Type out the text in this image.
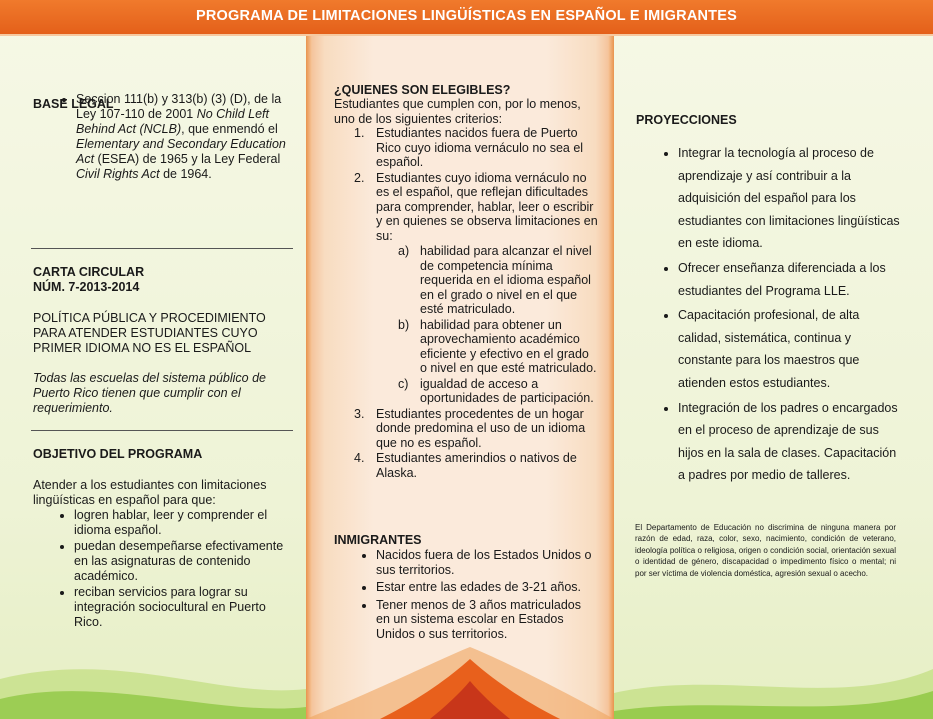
PROGRAMA DE LIMITACIONES LINGÜÍSTICAS EN ESPAÑOL E IMIGRANTES
BASE LEGAL
• Seccion 111(b) y 313(b) (3) (D), de la Ley 107-110 de 2001 No Child Left Behind Act (NCLB), que enmendó el Elementary and Secondary Education Act (ESEA) de 1965 y la Ley Federal Civil Rights Act de 1964.
CARTA CIRCULAR
NÚM. 7-2013-2014
POLÍTICA PÚBLICA Y PROCEDIMIENTO PARA ATENDER ESTUDIANTES CUYO PRIMER IDIOMA NO ES EL ESPAÑOL
Todas las escuelas del sistema público de Puerto Rico tienen que cumplir con el requerimiento.
OBJETIVO DEL PROGRAMA
Atender a los estudiantes con limitaciones lingüísticas en español para que:
• logren hablar, leer y comprender el idioma español.
• puedan desempeñarse efectivamente en las asignaturas de contenido académico.
• reciban servicios para lograr su integración sociocultural en Puerto Rico.
¿QUIENES SON ELEGIBLES?
Estudiantes que cumplen con, por lo menos, uno de los siguientes criterios:
1. Estudiantes nacidos fuera de Puerto Rico cuyo idioma vernáculo no sea el español.
2. Estudiantes cuyo idioma vernáculo no es el español, que reflejan dificultades para comprender, hablar, leer o escribir y en quienes se observa limitaciones en su:
a) habilidad para alcanzar el nivel de competencia mínima requerida en el idioma español en el grado o nivel en el que esté matriculado.
b) habilidad para obtener un aprovechamiento académico eficiente y efectivo en el grado o nivel en que esté matriculado.
c) igualdad de acceso a oportunidades de participación.
3. Estudiantes procedentes de un hogar donde predomina el uso de un idioma que no es español.
4. Estudiantes amerindios o nativos de Alaska.
INMIGRANTES
• Nacidos fuera de los Estados Unidos o sus territorios.
• Estar entre las edades de 3-21 años.
• Tener menos de 3 años matriculados en un sistema escolar en Estados Unidos o sus territorios.
PROYECCIONES
• Integrar la tecnología al proceso de aprendizaje y así contribuir a la adquisición del español para los estudiantes con limitaciones lingüísticas en este idioma.
• Ofrecer enseñanza diferenciada a los estudiantes del Programa LLE.
• Capacitación profesional, de alta calidad, sistemática, continua y constante para los maestros que atienden estos estudiantes.
• Integración de los padres o encargados en el proceso de aprendizaje de sus hijos en la sala de clases. Capacitación a padres por medio de talleres.
El Departamento de Educación no discrimina de ninguna manera por razón de edad, raza, color, sexo, nacimiento, condición de veterano, ideología política o religiosa, origen o condición social, orientación sexual o identidad de género, discapacidad o impedimento físico o mental; ni por ser víctima de violencia doméstica, agresión sexual o acecho.
